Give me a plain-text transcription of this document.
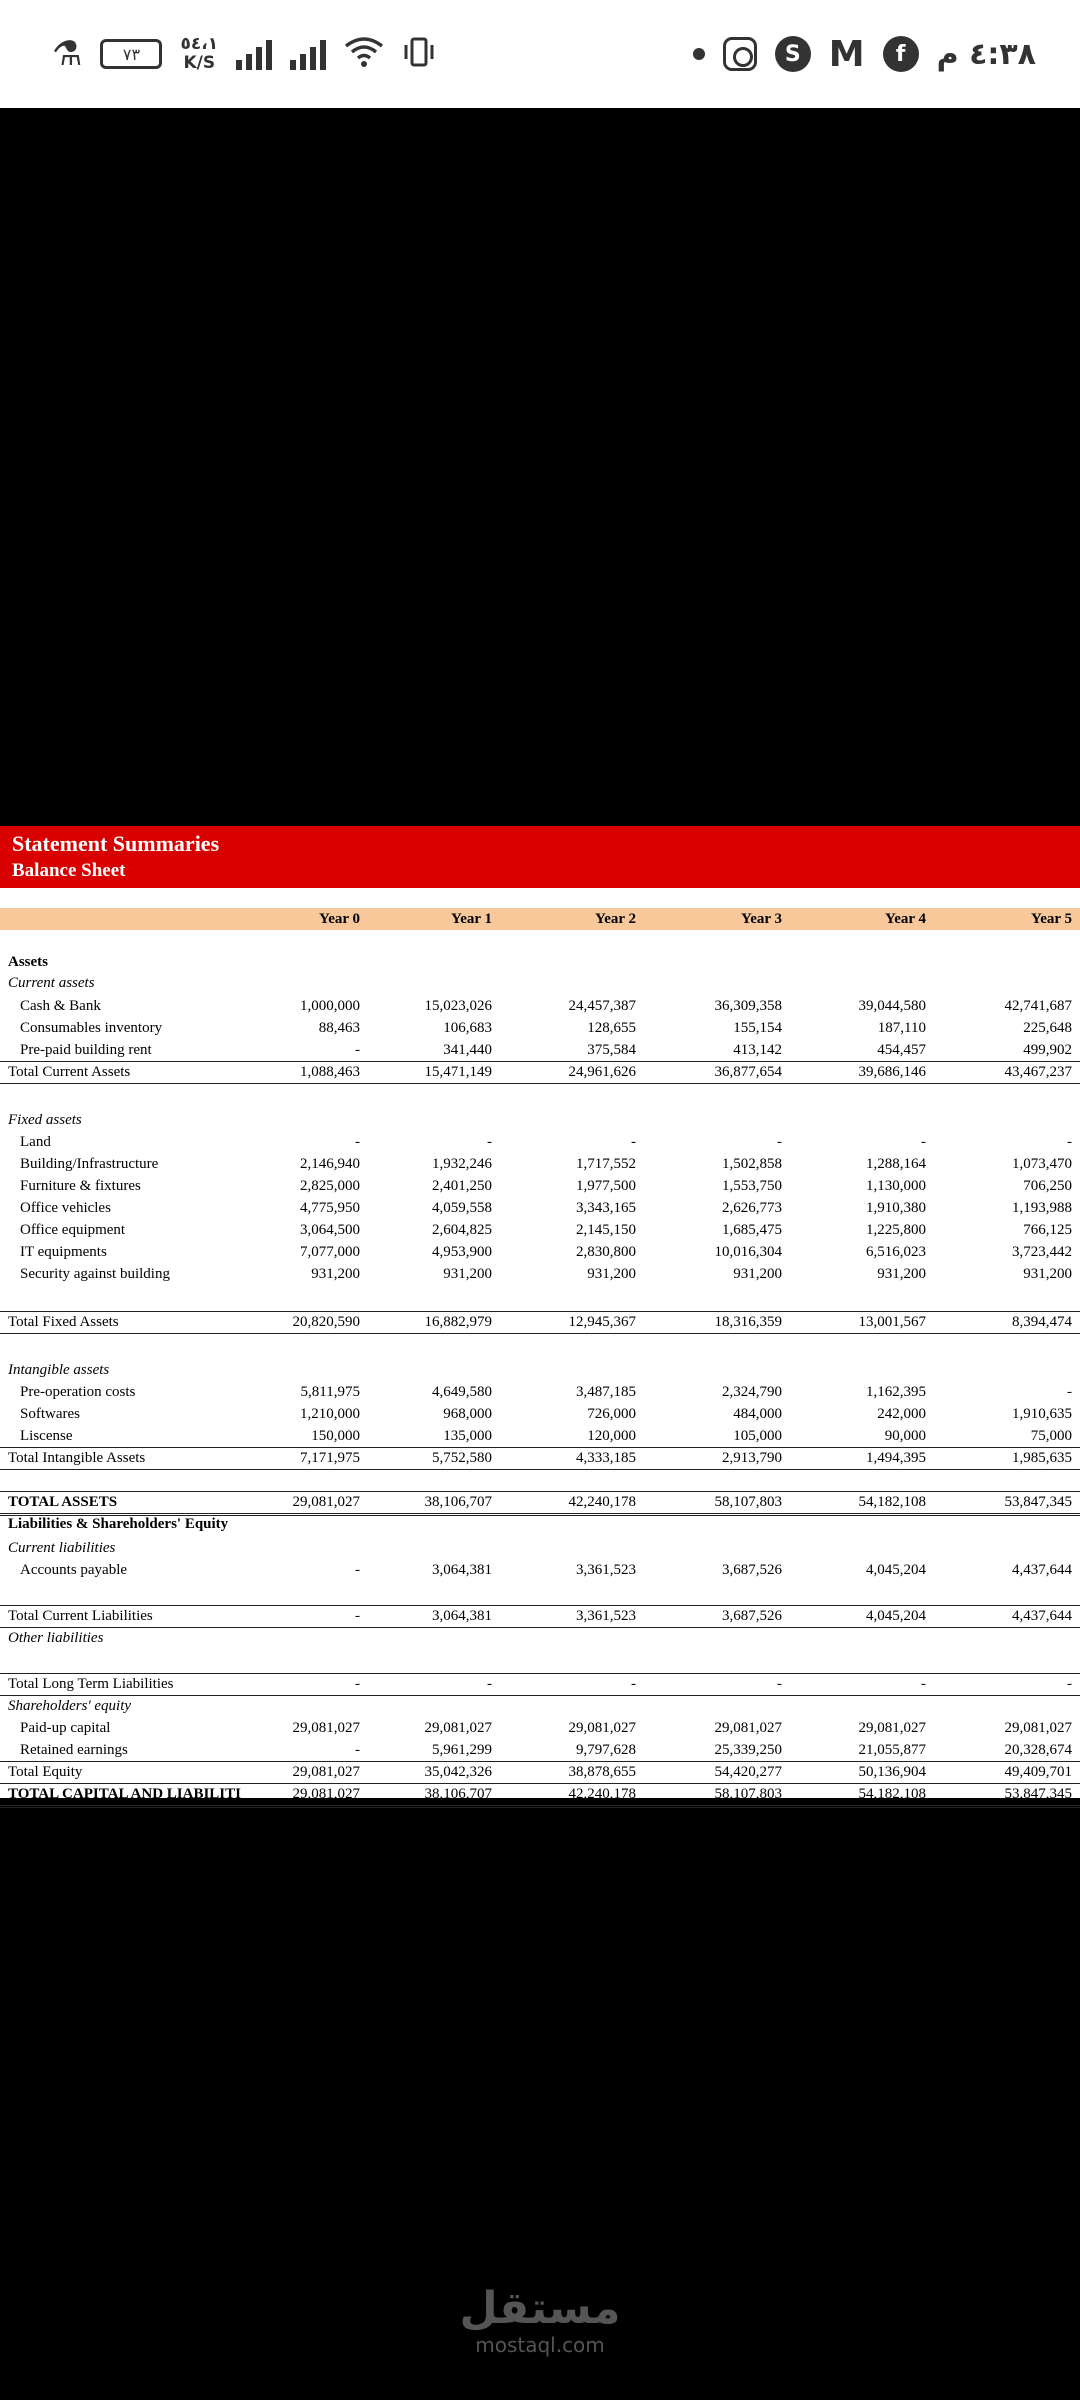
⚗	٧٣ ٥٤،١
K/S	S M	f	٤:٣٨ م
Statement Summaries
Balance Sheet
Year 0	Year 1	Year 2	Year 3	Year 4	Year 5
Assets
Current assets
Cash & Bank	1,000,000	15,023,026	24,457,387	36,309,358	39,044,580	42,741,687
Consumables inventory	88,463	106,683	128,655	155,154	187,110	225,648
Pre-paid building rent	-	341,440	375,584	413,142	454,457	499,902
Total Current Assets	1,088,463	15,471,149	24,961,626	36,877,654	39,686,146	43,467,237
Fixed assets
Land	-	-	-	-	-	-
Building/Infrastructure	2,146,940	1,932,246	1,717,552	1,502,858	1,288,164	1,073,470
Furniture & fixtures	2,825,000	2,401,250	1,977,500	1,553,750	1,130,000	706,250
Office vehicles	4,775,950	4,059,558	3,343,165	2,626,773	1,910,380	1,193,988
Office equipment	3,064,500	2,604,825	2,145,150	1,685,475	1,225,800	766,125
IT equipments	7,077,000	4,953,900	2,830,800	10,016,304	6,516,023	3,723,442
Security against building	931,200	931,200	931,200	931,200	931,200	931,200
Total Fixed Assets	20,820,590	16,882,979	12,945,367	18,316,359	13,001,567	8,394,474
Intangible assets
Pre-operation costs	5,811,975	4,649,580	3,487,185	2,324,790	1,162,395	-
Softwares	1,210,000	968,000	726,000	484,000	242,000	1,910,635
Liscense	150,000	135,000	120,000	105,000	90,000	75,000
Total Intangible Assets	7,171,975	5,752,580	4,333,185	2,913,790	1,494,395	1,985,635
TOTAL ASSETS	29,081,027	38,106,707	42,240,178	58,107,803	54,182,108	53,847,345
Liabilities & Shareholders' Equity
Current liabilities
Accounts payable	-	3,064,381	3,361,523	3,687,526	4,045,204	4,437,644
Total Current Liabilities	-	3,064,381	3,361,523	3,687,526	4,045,204	4,437,644
Other liabilities
Total Long Term Liabilities	-	-	-	-	-	-
Shareholders' equity
Paid-up capital	29,081,027	29,081,027	29,081,027	29,081,027	29,081,027	29,081,027
Retained earnings	-	5,961,299	9,797,628	25,339,250	21,055,877	20,328,674
Total Equity	29,081,027	35,042,326	38,878,655	54,420,277	50,136,904	49,409,701
TOTAL CAPITAL AND LIABILITI	29,081,027	38,106,707	42,240,178	58,107,803	54,182,108	53,847,345
مستقل
mostaql.com
